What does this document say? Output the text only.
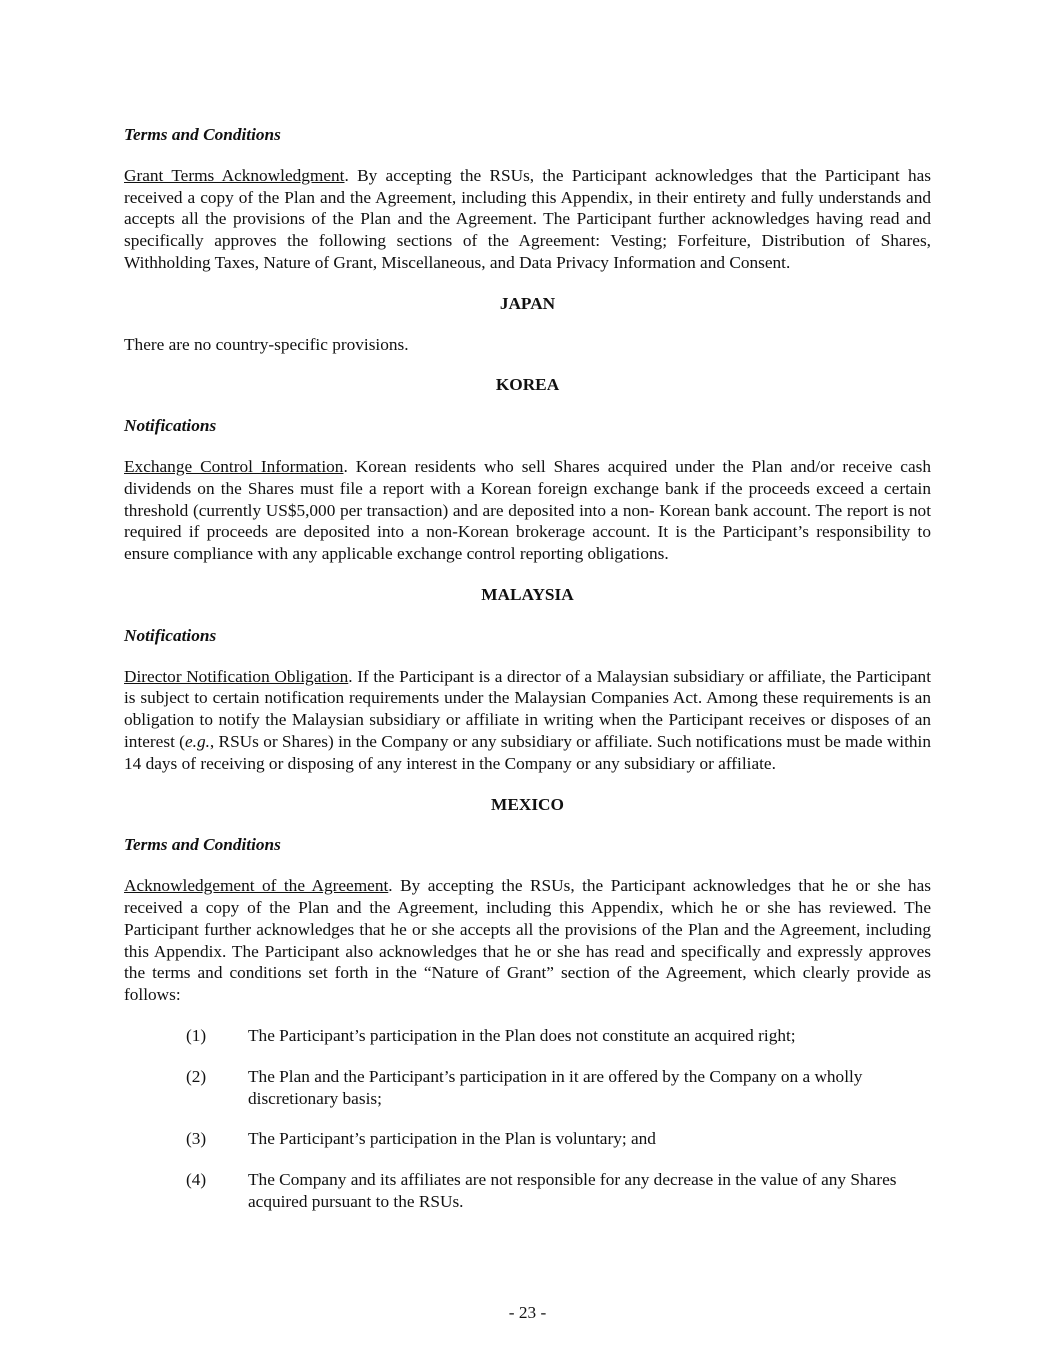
Terms and Conditions
Grant Terms Acknowledgment. By accepting the RSUs, the Participant acknowledges that the Participant has received a copy of the Plan and the Agreement, including this Appendix, in their entirety and fully understands and accepts all the provisions of the Plan and the Agreement. The Participant further acknowledges having read and specifically approves the following sections of the Agreement: Vesting; Forfeiture, Distribution of Shares, Withholding Taxes, Nature of Grant, Miscellaneous, and Data Privacy Information and Consent.
JAPAN
There are no country-specific provisions.
KOREA
Notifications
Exchange Control Information. Korean residents who sell Shares acquired under the Plan and/or receive cash dividends on the Shares must file a report with a Korean foreign exchange bank if the proceeds exceed a certain threshold (currently US$5,000 per transaction) and are deposited into a non- Korean bank account. The report is not required if proceeds are deposited into a non-Korean brokerage account. It is the Participant’s responsibility to ensure compliance with any applicable exchange control reporting obligations.
MALAYSIA
Notifications
Director Notification Obligation. If the Participant is a director of a Malaysian subsidiary or affiliate, the Participant is subject to certain notification requirements under the Malaysian Companies Act. Among these requirements is an obligation to notify the Malaysian subsidiary or affiliate in writing when the Participant receives or disposes of an interest (e.g., RSUs or Shares) in the Company or any subsidiary or affiliate. Such notifications must be made within 14 days of receiving or disposing of any interest in the Company or any subsidiary or affiliate.
MEXICO
Terms and Conditions
Acknowledgement of the Agreement. By accepting the RSUs, the Participant acknowledges that he or she has received a copy of the Plan and the Agreement, including this Appendix, which he or she has reviewed. The Participant further acknowledges that he or she accepts all the provisions of the Plan and the Agreement, including this Appendix. The Participant also acknowledges that he or she has read and specifically and expressly approves the terms and conditions set forth in the “Nature of Grant” section of the Agreement, which clearly provide as follows:
(1)	The Participant’s participation in the Plan does not constitute an acquired right;
(2)	The Plan and the Participant’s participation in it are offered by the Company on a wholly discretionary basis;
(3)	The Participant’s participation in the Plan is voluntary; and
(4)	The Company and its affiliates are not responsible for any decrease in the value of any Shares acquired pursuant to the RSUs.
- 23 -
